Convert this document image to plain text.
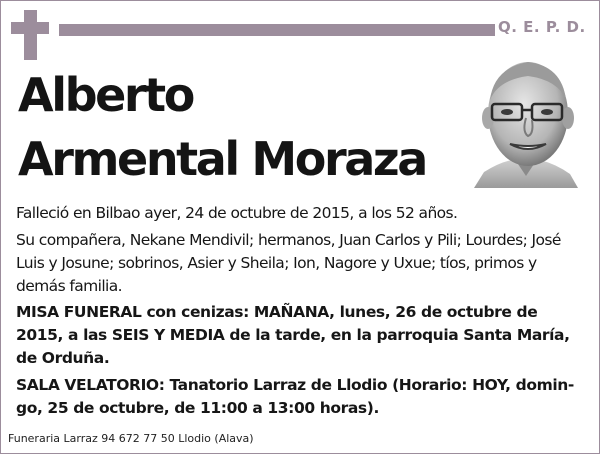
Q. E. P. D.
Alberto
Armental Moraza
Falleció en Bilbao ayer, 24 de octubre de 2015, a los 52 años.
Su compañera, Nekane Mendivil; hermanos, Juan Carlos y Pili; Lourdes; José Luis y Josune; sobrinos, Asier y Sheila; Ion, Nagore y Uxue; tíos, primos y demás familia.
MISA FUNERAL con cenizas: MAÑANA, lunes, 26 de octubre de 2015, a las SEIS Y MEDIA de la tarde, en la parroquia Santa María, de Orduña.
SALA VELATORIO: Tanatorio Larraz de Llodio (Horario: HOY, domin-go, 25 de octubre, de 11:00 a 13:00 horas).
Funeraria Larraz 94 672 77 50 Llodio (Alava)
